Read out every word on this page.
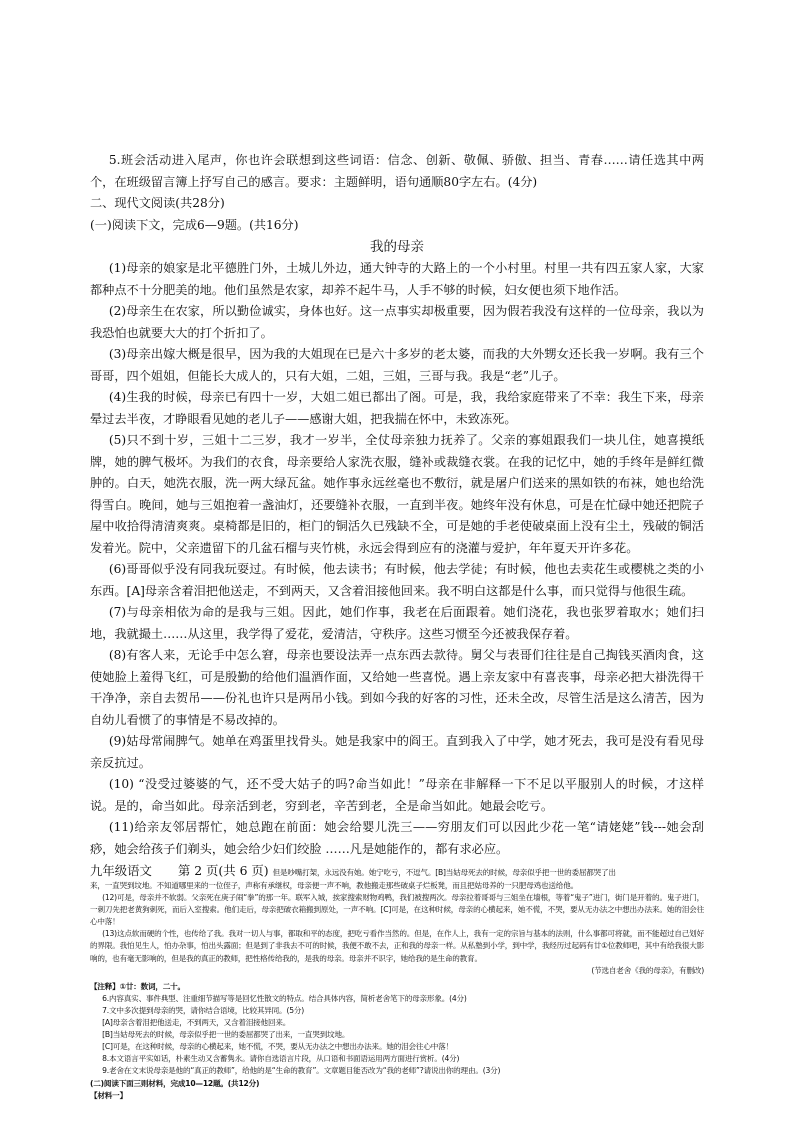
5.班会活动进入尾声，你也许会联想到这些词语：信念、创新、敬佩、骄傲、担当、青春……请任选其中两个，在班级留言簿上抒写自己的感言。要求：主题鲜明，语句通顺80字左右。(4分)

二、现代文阅读(共28分)

(一)阅读下文，完成6—9题。(共16分)

我的母亲

(1)母亲的娘家是北平德胜门外，土城儿外边，通大钟寺的大路上的一个小村里。村里一共有四五家人家，大家都种点不十分肥美的地。他们虽然是农家，却养不起牛马，人手不够的时候，妇女便也须下地作活。

(2)母亲生在农家，所以勤俭诚实，身体也好。这一点事实却极重要，因为假若我没有这样的一位母亲，我以为我恐怕也就要大大的打个折扣了。

(3)母亲出嫁大概是很早，因为我的大姐现在已是六十多岁的老太婆，而我的大外甥女还长我一岁啊。我有三个哥哥，四个姐姐，但能长大成人的，只有大姐，二姐，三姐，三哥与我。我是“老”儿子。

(4)生我的时候，母亲已有四十一岁，大姐二姐已都出了阁。可是，我，我给家庭带来了不幸：我生下来，母亲晕过去半夜，才睁眼看见她的老儿子——感谢大姐，把我揣在怀中，未致冻死。

(5)只不到十岁，三姐十二三岁，我才一岁半，全仗母亲独力抚养了。父亲的寡姐跟我们一块儿住，她喜摸纸牌，她的脾气极坏。为我们的衣食，母亲要给人家洗衣服，缝补或裁缝衣裳。在我的记忆中，她的手终年是鲜红微肿的。白天，她洗衣服，洗一两大绿瓦盆。她作事永远丝毫也不敷衍，就是屠户们送来的黑如铁的布袜，她也给洗得雪白。晚间，她与三姐抱着一盏油灯，还要缝补衣服，一直到半夜。她终年没有休息，可是在忙碌中她还把院子屋中收拾得清清爽爽。桌椅都是旧的，柜门的铜活久已残缺不全，可是她的手老使破桌面上没有尘土，残破的铜活发着光。院中，父亲遗留下的几盆石榴与夹竹桃，永远会得到应有的浇灌与爱护，年年夏天开许多花。

(6)哥哥似乎没有同我玩耍过。有时候，他去读书；有时候，他去学徒；有时候，他也去卖花生或樱桃之类的小东西。[A]母亲含着泪把他送走，不到两天，又含着泪接他回来。我不明白这都是什么事，而只觉得与他很生疏。

(7)与母亲相依为命的是我与三姐。因此，她们作事，我老在后面跟着。她们浇花，我也张罗着取水；她们扫地，我就撮土……从这里，我学得了爱花，爱清洁，守秩序。这些习惯至今还被我保存着。

(8)有客人来，无论手中怎么窘，母亲也要设法弄一点东西去款待。舅父与表哥们往往是自己掏钱买酒肉食，这使她脸上羞得飞红，可是殷勤的给他们温酒作面，又给她一些喜悦。遇上亲友家中有喜丧事，母亲必把大褂洗得干干净净，亲自去贺吊——份礼也许只是两吊小钱。到如今我的好客的习性，还未全改，尽管生活是这么清苦，因为自幼儿看惯了的事情是不易改掉的。

(9)姑母常闹脾气。她单在鸡蛋里找骨头。她是我家中的阎王。直到我入了中学，她才死去，我可是没有看见母亲反抗过。

(10) “没受过婆婆的气，还不受大姑子的吗?命当如此！”母亲在非解释一下不足以平服别人的时候，才这样说。是的，命当如此。母亲活到老，穷到老，辛苦到老，全是命当如此。她最会吃亏。

(11)给亲友邻居帮忙，她总跑在前面：她会给婴儿洗三——穷朋友们可以因此少花一笔“请姥姥”钱---她会刮痧，她会给孩子们剃头，她会给少妇们绞脸 ……凡是她能作的，都有求必应。

九年级语文 第 2 页(共 6 页) 但是吵嘴打架，永远没有她。她宁吃亏，不逗气。[B]当姑母死去的时候，母亲似乎把一世的委屈都哭了出

来，一直哭到坟地。不知道哪里来的一位侄子，声称有承继权，母亲便一声不响，教他搬走那些破桌子烂板凳，而且把姑母养的一只肥母鸡也送给他。

(12)可是，母亲并不软弱。父亲死在庚子闹“拳”的那一年。联军入城，挨家搜索财物鸡鸭，我们被搜两次。母亲拉着哥哥与三姐坐在墙根，等着“鬼子”进门，街门是开着的。鬼子进门，一刺刀先把老黄狗刺死，而后入室搜索。他们走后，母亲把破衣箱搬到原处，一声不响。[C]可是，在这种时候，母亲的心横起来，她不慌，不哭，要从无办法之中想出办法来。她的泪会往心中落！

(13)这点软而硬的个性，也传给了我。我对一切人与事，都取和平的态度，把吃亏看作当然的。但是，在作人上，我有一定的宗旨与基本的法则，什么事都可将就，而不能超过自己划好的界限。我怕见生人，怕办杂事，怕出头露面；但是到了非我去不可的时候，我便不敢不去，正和我的母亲一样。从私塾到小学，到中学，我经历过起码有廿①位教师吧，其中有给我很大影响的，也有毫无影响的，但是我的真正的教师，把性格传给我的，是我的母亲。母亲并不识字，她给我的是生命的教育。

(节选自老舍《我的母亲》，有删改)

【注释】①廿：数词，二十。

6.内容真实、事件典型、注重细节描写等是回忆性散文的特点。结合具体内容，简析老舍笔下的母亲形象。(4分)

7.文中多次提到母亲的哭，请你结合语境，比较其异同。(5分)

[A]母亲含着泪把他送走，不到两天，又含着泪接他回来。

[B]当姑母死去的时候，母亲似乎把一世的委屈都哭了出来，一直哭到坟地。

[C]可是，在这种时候，母亲的心横起来，她不慌，不哭，要从无办法之中想出办法来。她的泪会往心中落！

8.本文语言平实如话，朴素生动又含蓄隽永。请你自选语言片段，从口语和书面语运用两方面进行赏析。(4分)

9.老舍在文末说母亲是他的“真正的教师”，给他的是“生命的教育”。文章题目能否改为“我的老师”?请说出你的理由。(3分)

(二)阅读下面三则材料，完成10—12题。(共12分)

【材料一】
